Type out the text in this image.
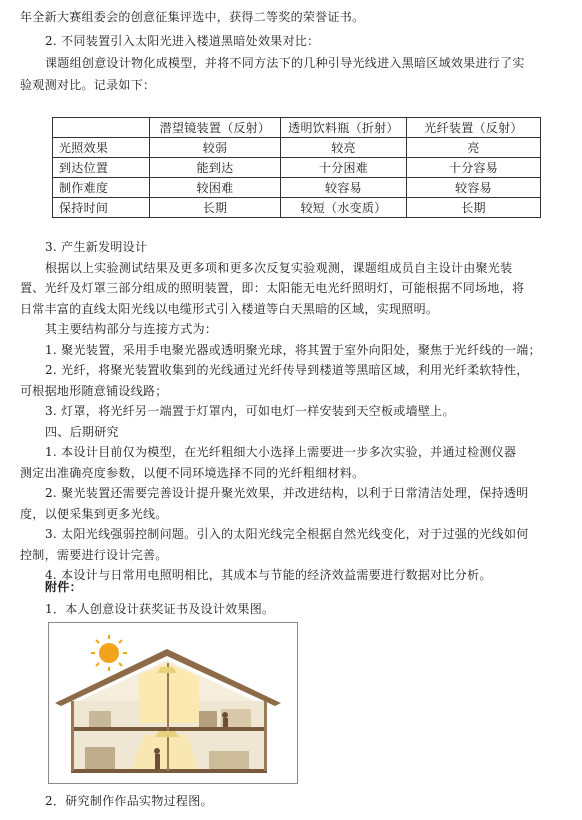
年全新大赛组委会的创意征集评选中，获得二等奖的荣誉证书。
2. 不同装置引入太阳光进入楼道黑暗处效果对比：
课题组创意设计物化成模型，并将不同方法下的几种引导光线进入黑暗区域效果进行了实
验观测对比。记录如下：
	潜望镜装置（反射）	透明饮料瓶（折射）	光纤装置（反射）
光照效果	较弱	较亮	亮
到达位置	能到达	十分困难	十分容易
制作难度	较困难	较容易	较容易
保持时间	长期	较短（水变质）	长期
3. 产生新发明设计
根据以上实验测试结果及更多项和更多次反复实验观测，课题组成员自主设计由聚光装
置、光纤及灯罩三部分组成的照明装置，即：太阳能无电光纤照明灯，可能根据不同场地，将
日常丰富的直线太阳光线以电缆形式引入楼道等白天黑暗的区域，实现照明。
其主要结构部分与连接方式为：
1. 聚光装置，采用手电聚光器或透明聚光球，将其置于室外向阳处，聚焦于光纤线的一端；
2. 光纤，将聚光装置收集到的光线通过光纤传导到楼道等黑暗区域，利用光纤柔软特性，
可根据地形随意铺设线路；
3. 灯罩，将光纤另一端置于灯罩内，可如电灯一样安装到天空板或墙壁上。
四、后期研究
1. 本设计目前仅为模型，在光纤粗细大小选择上需要进一步多次实验，并通过检测仪器
测定出准确亮度参数，以便不同环境选择不同的光纤粗细材料。
2. 聚光装置还需要完善设计提升聚光效果，并改进结构，以利于日常清洁处理，保持透明
度，以便采集到更多光线。
3. 太阳光线强弱控制问题。引入的太阳光线完全根据自然光线变化，对于过强的光线如何
控制，需要进行设计完善。
4. 本设计与日常用电照明相比，其成本与节能的经济效益需要进行数据对比分析。
附件：
2．研究制作作品实物过程图。
1．本人创意设计获奖证书及设计效果图。
